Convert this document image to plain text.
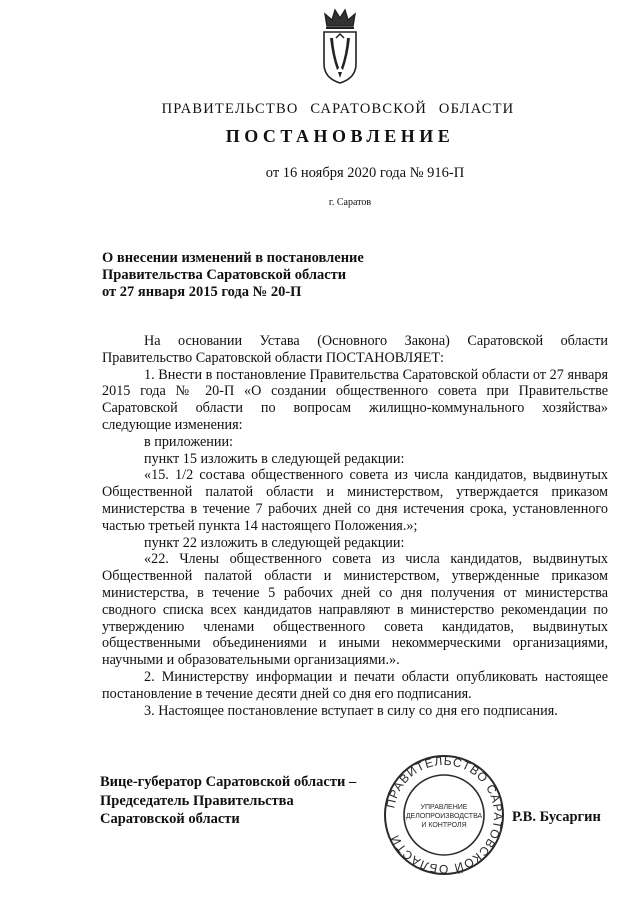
ПРАВИТЕЛЬСТВО САРАТОВСКОЙ ОБЛАСТИ
ПОСТАНОВЛЕНИЕ
от 16 ноября 2020 года № 916-П
г. Саратов
О внесении изменений в постановление
Правительства Саратовской области
от 27 января 2015 года № 20-П

На основании Устава (Основного Закона) Саратовской области Правительство Саратовской области ПОСТАНОВЛЯЕТ:

1. Внести в постановление Правительства Саратовской области от 27 января 2015 года № 20-П «О создании общественного совета при Правительстве Саратовской области по вопросам жилищно-коммунального хозяйства» следующие изменения:

в приложении:

пункт 15 изложить в следующей редакции:

«15. 1/2 состава общественного совета из числа кандидатов, выдвинутых Общественной палатой области и министерством, утверждается приказом министерства в течение 7 рабочих дней со дня истечения срока, установленного частью третьей пункта 14 настоящего Положения.»;

пункт 22 изложить в следующей редакции:

«22. Члены общественного совета из числа кандидатов, выдвинутых Общественной палатой области и министерством, утвержденные приказом министерства, в течение 5 рабочих дней со дня получения от министерства сводного списка всех кандидатов направляют в министерство рекомендации по утверждению членами общественного совета кандидатов, выдвинутых общественными объединениями и иными некоммерческими организациями, научными и образовательными организациями.».

2. Министерству информации и печати области опубликовать настоящее постановление в течение десяти дней со дня его подписания.

3. Настоящее постановление вступает в силу со дня его подписания.

Вице-губератор Саратовской области –
Председатель Правительства
Саратовской области
ПРАВИТЕЛЬСТВО САРАТОВСКОЙ ОБЛАСТИ
УПРАВЛЕНИЕ
ДЕЛОПРОИЗВОДСТВА
И КОНТРОЛЯ
Р.В. Бусаргин
